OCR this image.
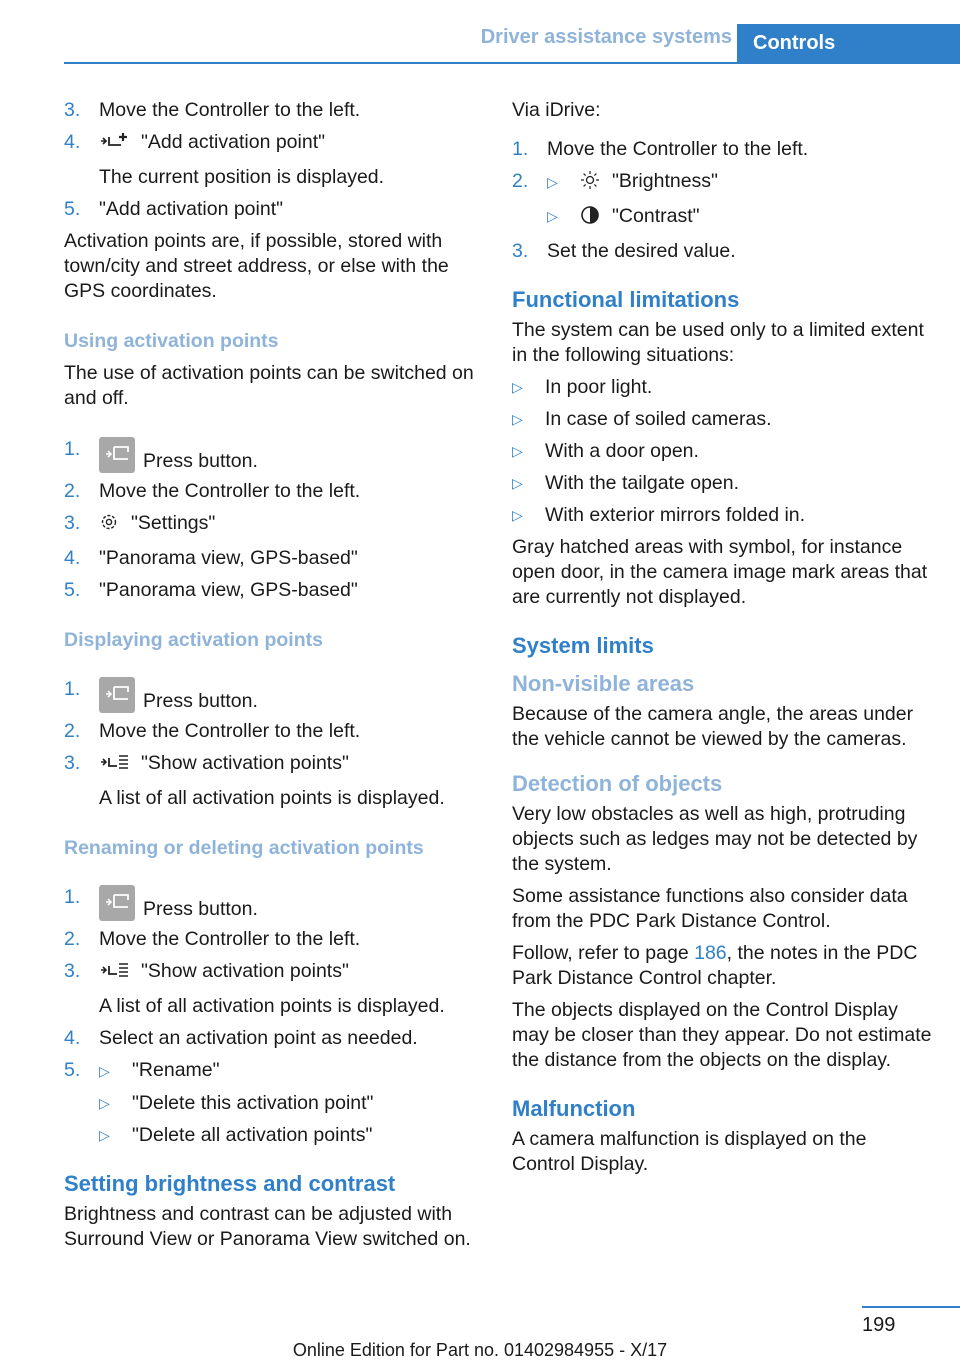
Driver assistance systems	Controls
3. Move the Controller to the left.
4.	"Add activation point"
The current position is displayed.
5. "Add activation point"

Activation points are, if possible, stored with town/city and street address, or else with the GPS coordinates.

Using activation points

The use of activation points can be switched on and off.

1.
Press button.
2. Move the Controller to the left.
3.	"Settings"
4. "Panorama view, GPS-based"
5. "Panorama view, GPS-based"
Displaying activation points
1.
Press button.
2. Move the Controller to the left.
3.	"Show activation points"
A list of all activation points is displayed.
Renaming or deleting activation points
1.
Press button.
2. Move the Controller to the left.
3.	"Show activation points"
A list of all activation points is displayed.
4. Select an activation point as needed.
5. ▷ "Rename"
▷ "Delete this activation point"
▷ "Delete all activation points"
Setting brightness and contrast

Brightness and contrast can be adjusted with Surround View or Panorama View switched on.

Via iDrive:

1. Move the Controller to the left.
2. ▷	"Brightness"
▷	"Contrast"
3. Set the desired value.
Functional limitations

The system can be used only to a limited extent in the following situations:

▷ In poor light.
▷ In case of soiled cameras.
▷ With a door open.
▷ With the tailgate open.
▷ With exterior mirrors folded in.

Gray hatched areas with symbol, for instance open door, in the camera image mark areas that are currently not displayed.

System limits
Non-visible areas

Because of the camera angle, the areas under the vehicle cannot be viewed by the cameras.

Detection of objects

Very low obstacles as well as high, protruding objects such as ledges may not be detected by the system.

Some assistance functions also consider data from the PDC Park Distance Control.

Follow, refer to page 186, the notes in the PDC Park Distance Control chapter.

The objects displayed on the Control Display may be closer than they appear. Do not estimate the distance from the objects on the display.

Malfunction

A camera malfunction is displayed on the Control Display.

199
Online Edition for Part no. 01402984955 - X/17
